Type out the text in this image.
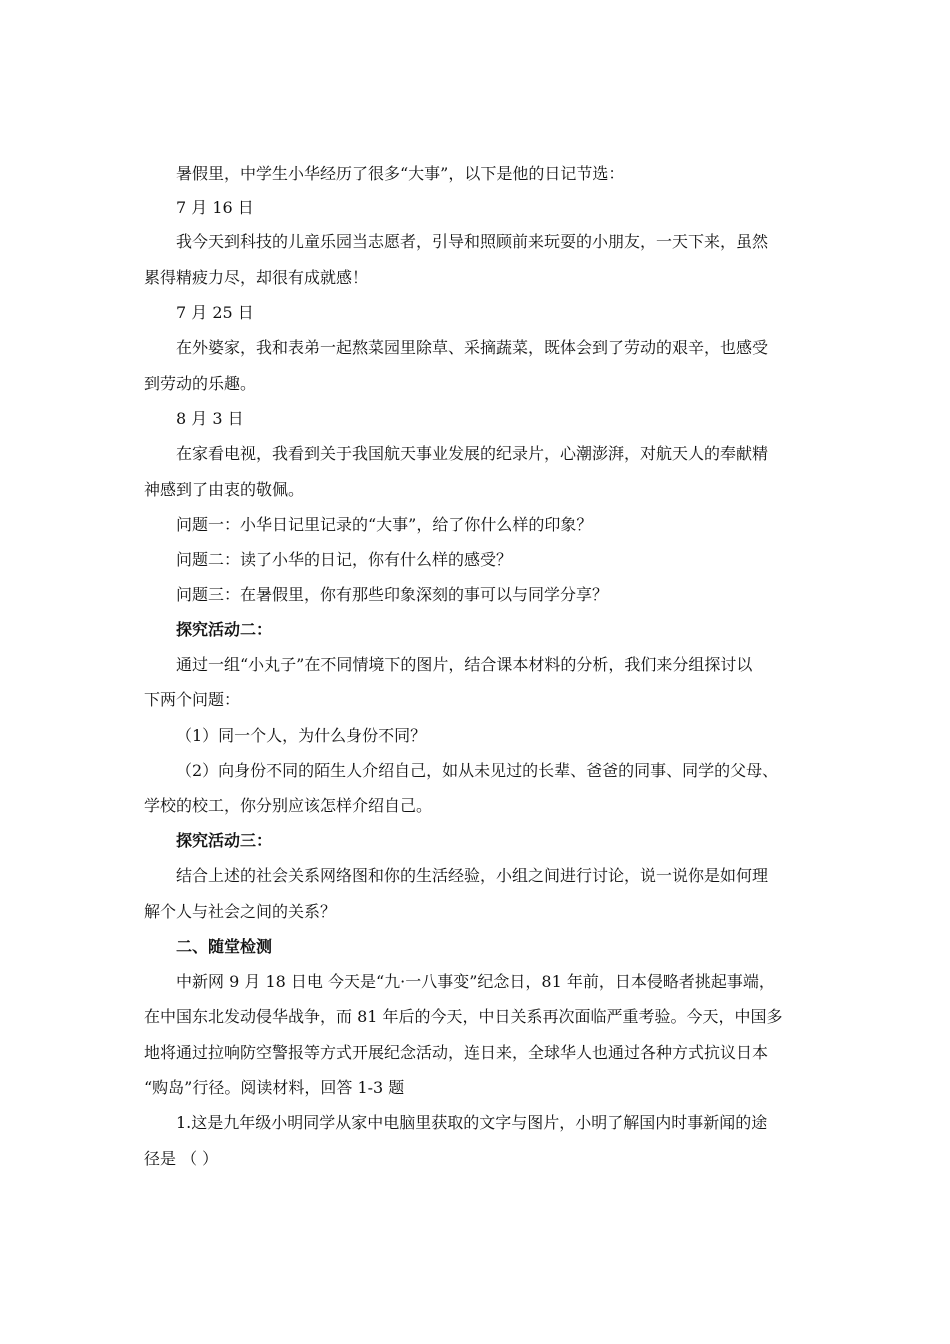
暑假里，中学生小华经历了很多“大事”，以下是他的日记节选：
7 月 16 日
我今天到科技的儿童乐园当志愿者，引导和照顾前来玩耍的小朋友，一天下来，虽然
累得精疲力尽，却很有成就感！
7 月 25 日
在外婆家，我和表弟一起熬菜园里除草、采摘蔬菜，既体会到了劳动的艰辛，也感受
到劳动的乐趣。
8 月 3 日
在家看电视，我看到关于我国航天事业发展的纪录片，心潮澎湃，对航天人的奉献精
神感到了由衷的敬佩。
问题一：小华日记里记录的“大事”，给了你什么样的印象？
问题二：读了小华的日记，你有什么样的感受？
问题三：在暑假里，你有那些印象深刻的事可以与同学分享？
探究活动二：
通过一组“小丸子”在不同情境下的图片，结合课本材料的分析，我们来分组探讨以
下两个问题：
（1）同一个人，为什么身份不同？
（2）向身份不同的陌生人介绍自己，如从未见过的长辈、爸爸的同事、同学的父母、
学校的校工，你分别应该怎样介绍自己。
探究活动三：
结合上述的社会关系网络图和你的生活经验，小组之间进行讨论，说一说你是如何理
解个人与社会之间的关系？
二、随堂检测
中新网 9 月 18 日电 今天是“九·一八事变”纪念日，81 年前，日本侵略者挑起事端，
在中国东北发动侵华战争，而 81 年后的今天，中日关系再次面临严重考验。今天，中国多
地将通过拉响防空警报等方式开展纪念活动，连日来，全球华人也通过各种方式抗议日本
“购岛”行径。阅读材料，回答 1-3 题
1.这是九年级小明同学从家中电脑里获取的文字与图片，小明了解国内时事新闻的途
径是 （ ）
